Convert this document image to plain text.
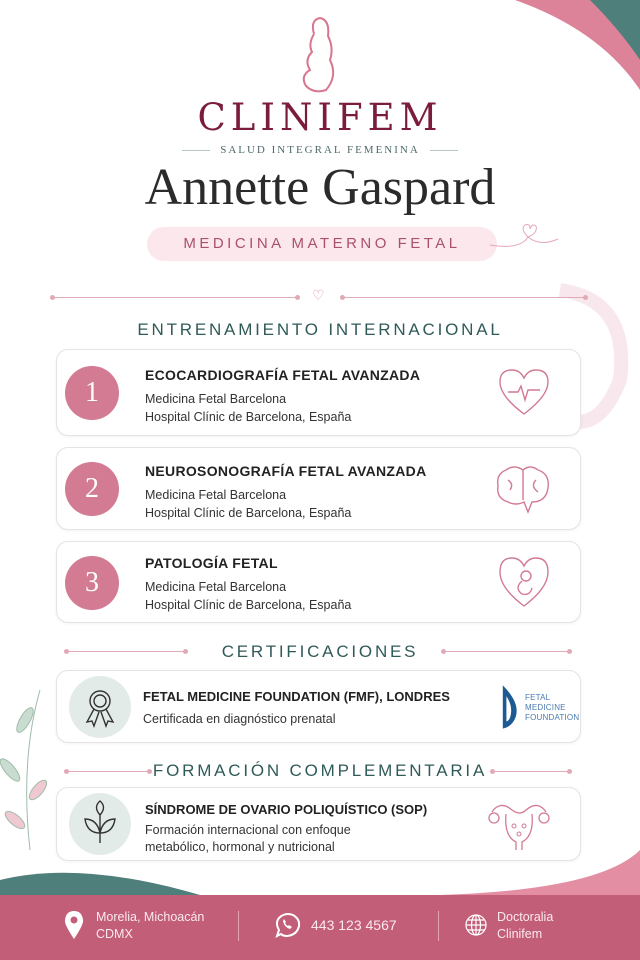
CLINIFEM
SALUD INTEGRAL FEMENINA
Annette Gaspard
MEDICINA MATERNO FETAL
♡
ENTRENAMIENTO INTERNACIONAL
1
ECOCARDIOGRAFÍA FETAL AVANZADA
Medicina Fetal Barcelona
Hospital Clínic de Barcelona, España
2
NEUROSONOGRAFÍA FETAL AVANZADA
Medicina Fetal Barcelona
Hospital Clínic de Barcelona, España
3
PATOLOGÍA FETAL
Medicina Fetal Barcelona
Hospital Clínic de Barcelona, España
CERTIFICACIONES
FETAL MEDICINE FOUNDATION (FMF), LONDRES
Certificada en diagnóstico prenatal
FETAL
MEDICINE
FOUNDATION
FORMACIÓN COMPLEMENTARIA
SÍNDROME DE OVARIO POLIQUÍSTICO (SOP)
Formación internacional con enfoque
metabólico, hormonal y nutricional
Morelia, Michoacán
CDMX
443 123 4567	Doctoralia
Clinifem
